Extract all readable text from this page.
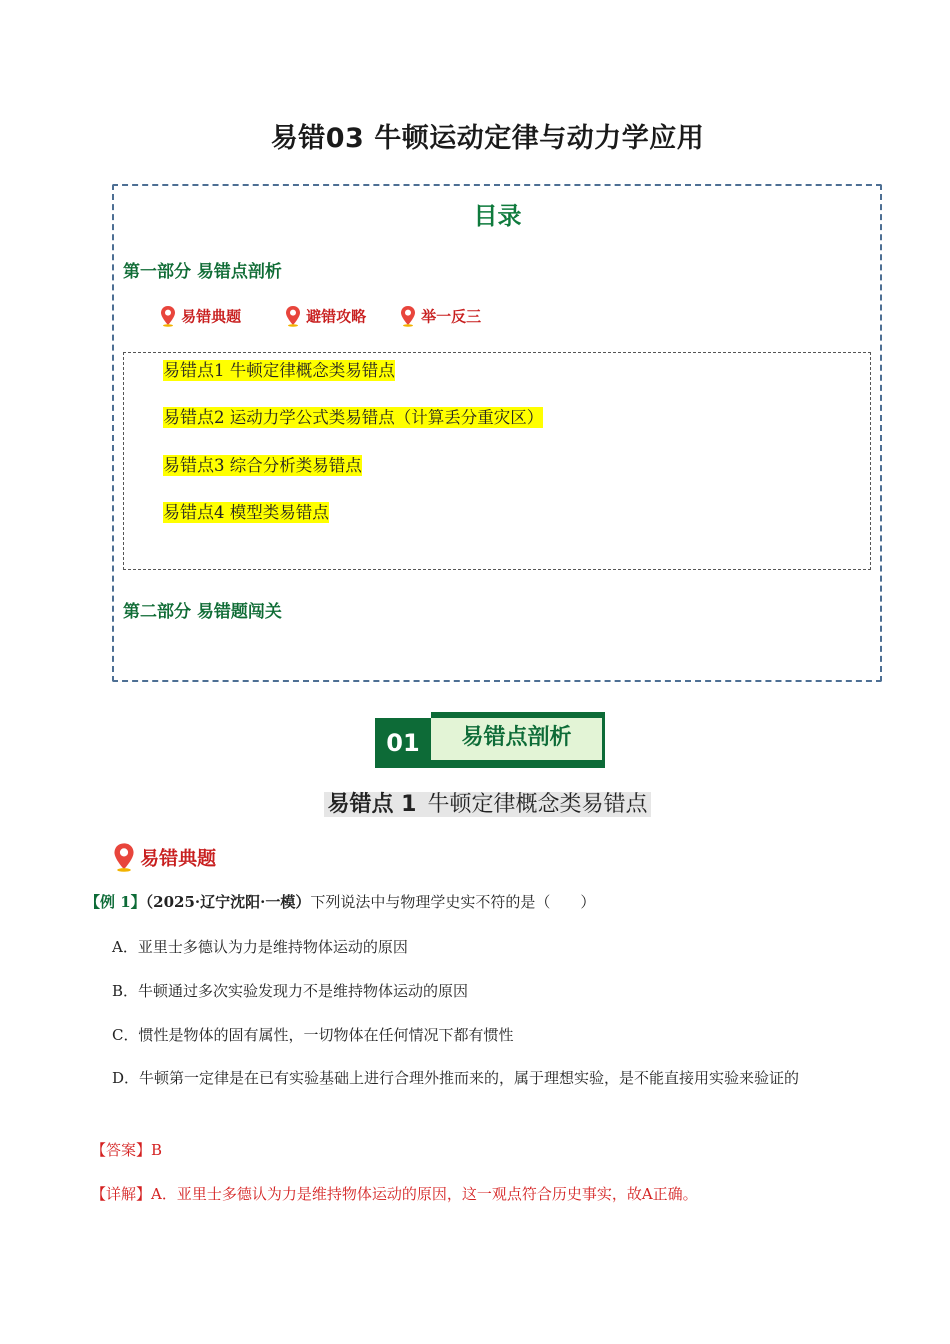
易错03 牛顿运动定律与动力学应用
目录
第一部分 易错点剖析
易错典题	避错攻略	举一反三
易错点1 牛顿定律概念类易错点
易错点2 运动力学公式类易错点（计算丢分重灾区）
易错点3 综合分析类易错点
易错点4 模型类易错点
第二部分 易错题闯关
01	易错点剖析
易错点 1 牛顿定律概念类易错点
易错典题
【例 1】（2025·辽宁沈阳·一模）下列说法中与物理学史实不符的是（　　）
A．亚里士多德认为力是维持物体运动的原因
B．牛顿通过多次实验发现力不是维持物体运动的原因
C．惯性是物体的固有属性，一切物体在任何情况下都有惯性
D．牛顿第一定律是在已有实验基础上进行合理外推而来的，属于理想实验，是不能直接用实验来验证的
【答案】B
【详解】A．亚里士多德认为力是维持物体运动的原因，这一观点符合历史事实，故A正确。
